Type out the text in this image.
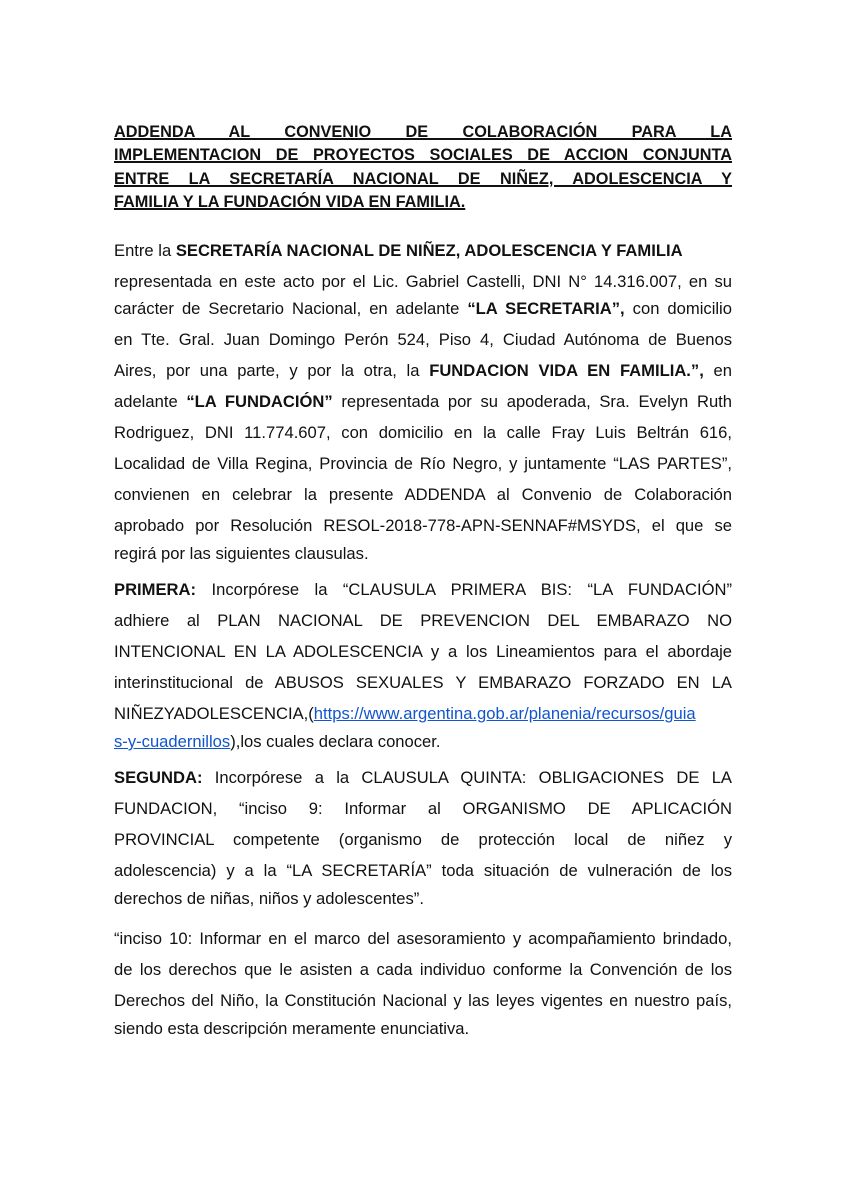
ADDENDA AL CONVENIO DE COLABORACIÓN PARA LA
IMPLEMENTACION DE PROYECTOS SOCIALES DE ACCION CONJUNTA
ENTRE LA SECRETARÍA NACIONAL DE NIÑEZ, ADOLESCENCIA Y
FAMILIA Y LA FUNDACIÓN VIDA EN FAMILIA.
Entre la SECRETARÍA NACIONAL DE NIÑEZ, ADOLESCENCIA Y FAMILIA
representada en este acto por el Lic. Gabriel Castelli, DNI N° 14.316.007, en su
carácter de Secretario Nacional, en adelante “LA SECRETARIA”, con domicilio
en Tte. Gral. Juan Domingo Perón 524, Piso 4, Ciudad Autónoma de Buenos
Aires, por una parte, y por la otra, la FUNDACION VIDA EN FAMILIA.”, en
adelante “LA FUNDACIÓN” representada por su apoderada, Sra. Evelyn Ruth
Rodriguez, DNI 11.774.607, con domicilio en la calle Fray Luis Beltrán 616,
Localidad de Villa Regina, Provincia de Río Negro, y juntamente “LAS PARTES”,
convienen en celebrar la presente ADDENDA al Convenio de Colaboración
aprobado por Resolución RESOL-2018-778-APN-SENNAF#MSYDS, el que se
regirá por las siguientes clausulas.
PRIMERA: Incorpórese la “CLAUSULA PRIMERA BIS: “LA FUNDACIÓN”
adhiere al PLAN NACIONAL DE PREVENCION DEL EMBARAZO NO
INTENCIONAL EN LA ADOLESCENCIA y a los Lineamientos para el abordaje
interinstitucional de ABUSOS SEXUALES Y EMBARAZO FORZADO EN LA
NIÑEZYADOLESCENCIA,(https://www.argentina.gob.ar/planenia/recursos/guia
s-y-cuadernillos),los cuales declara conocer.
SEGUNDA: Incorpórese a la CLAUSULA QUINTA: OBLIGACIONES DE LA
FUNDACION, “inciso 9: Informar al ORGANISMO DE APLICACIÓN
PROVINCIAL competente (organismo de protección local de niñez y
adolescencia) y a la “LA SECRETARÍA” toda situación de vulneración de los
derechos de niñas, niños y adolescentes”.
“inciso 10: Informar en el marco del asesoramiento y acompañamiento brindado,
de los derechos que le asisten a cada individuo conforme la Convención de los
Derechos del Niño, la Constitución Nacional y las leyes vigentes en nuestro país,
siendo esta descripción meramente enunciativa.
